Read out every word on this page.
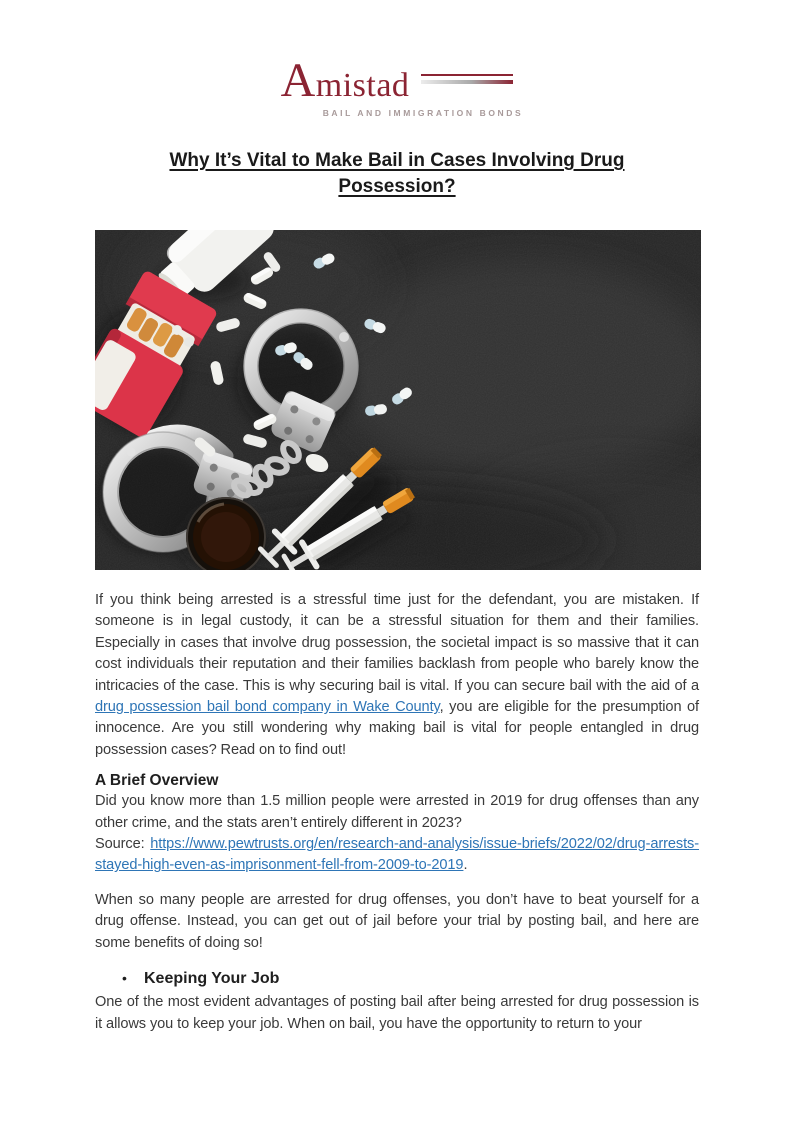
Amistad
BAIL AND IMMIGRATION BONDS
Why It’s Vital to Make Bail in Cases Involving Drug Possession?

If you think being arrested is a stressful time just for the defendant, you are mistaken. If someone is in legal custody, it can be a stressful situation for them and their families. Especially in cases that involve drug possession, the societal impact is so massive that it can cost individuals their reputation and their families backlash from people who barely know the intricacies of the case. This is why securing bail is vital. If you can secure bail with the aid of a drug possession bail bond company in Wake County, you are eligible for the presumption of innocence. Are you still wondering why making bail is vital for people entangled in drug possession cases? Read on to find out!

A Brief Overview

Did you know more than 1.5 million people were arrested in 2019 for drug offenses than any other crime, and the stats aren’t entirely different in 2023?

Source: https://www.pewtrusts.org/en/research-and-analysis/issue-briefs/2022/02/drug-arrests-stayed-high-even-as-imprisonment-fell-from-2009-to-2019.

When so many people are arrested for drug offenses, you don’t have to beat yourself for a drug offense. Instead, you can get out of jail before your trial by posting bail, and here are some benefits of doing so!

•	Keeping Your Job

One of the most evident advantages of posting bail after being arrested for drug possession is it allows you to keep your job. When on bail, you have the opportunity to return to your
